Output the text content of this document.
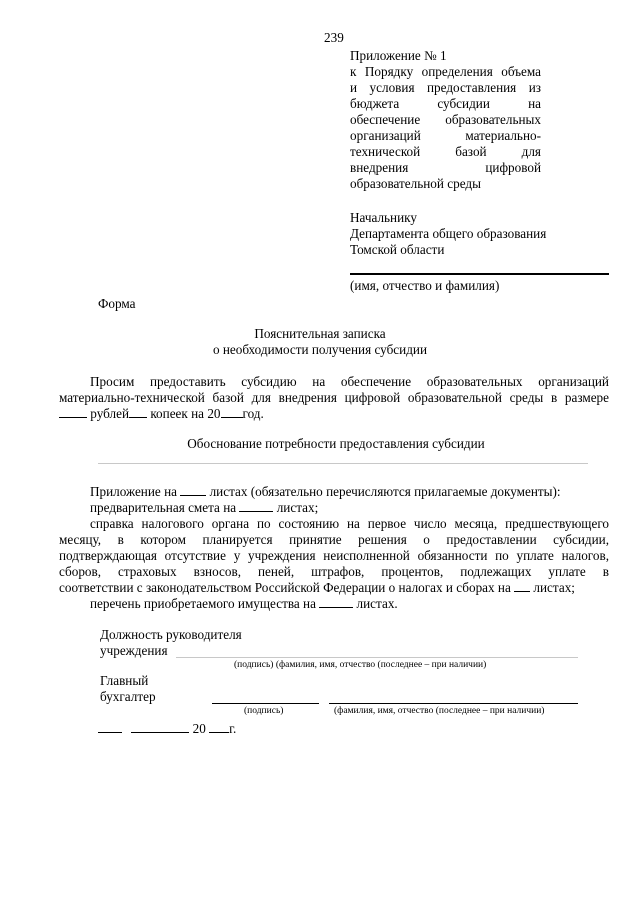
239
Приложение № 1
к Порядку определения объема
и условия предоставления из
бюджета субсидии на
обеспечение образовательных
организаций материально-
технической базой для
внедрения цифровой
образовательной среды
Начальнику
Департамента общего образования
Томской области
(имя, отчество и фамилия)
Форма
Пояснительная записка
о необходимости получения субсидии
Просим предоставить субсидию на обеспечение образовательных организаций
материально-технической базой для внедрения цифровой образовательной среды в размере
рублей копеек на 20 год.
Обоснование потребности предоставления субсидии
Приложение на листах (обязательно перечисляются прилагаемые документы):
предварительная смета на	листах;
справка налогового органа по состоянию на первое число месяца, предшествующего
месяцу, в котором планируется принятие решения о предоставлении субсидии,
подтверждающая отсутствие у учреждения неисполненной обязанности по уплате налогов,
сборов, страховых взносов, пеней, штрафов, процентов, подлежащих уплате в
соответствии с законодательством Российской Федерации о налогах и сборах на листах;
перечень приобретаемого имущества на	листах.
Должность руководителя
учреждения
(подпись) (фамилия, имя, отчество (последнее – при наличии)
Главный
бухгалтер
(подпись)	(фамилия, имя, отчество (последнее – при наличии)
20 г.
